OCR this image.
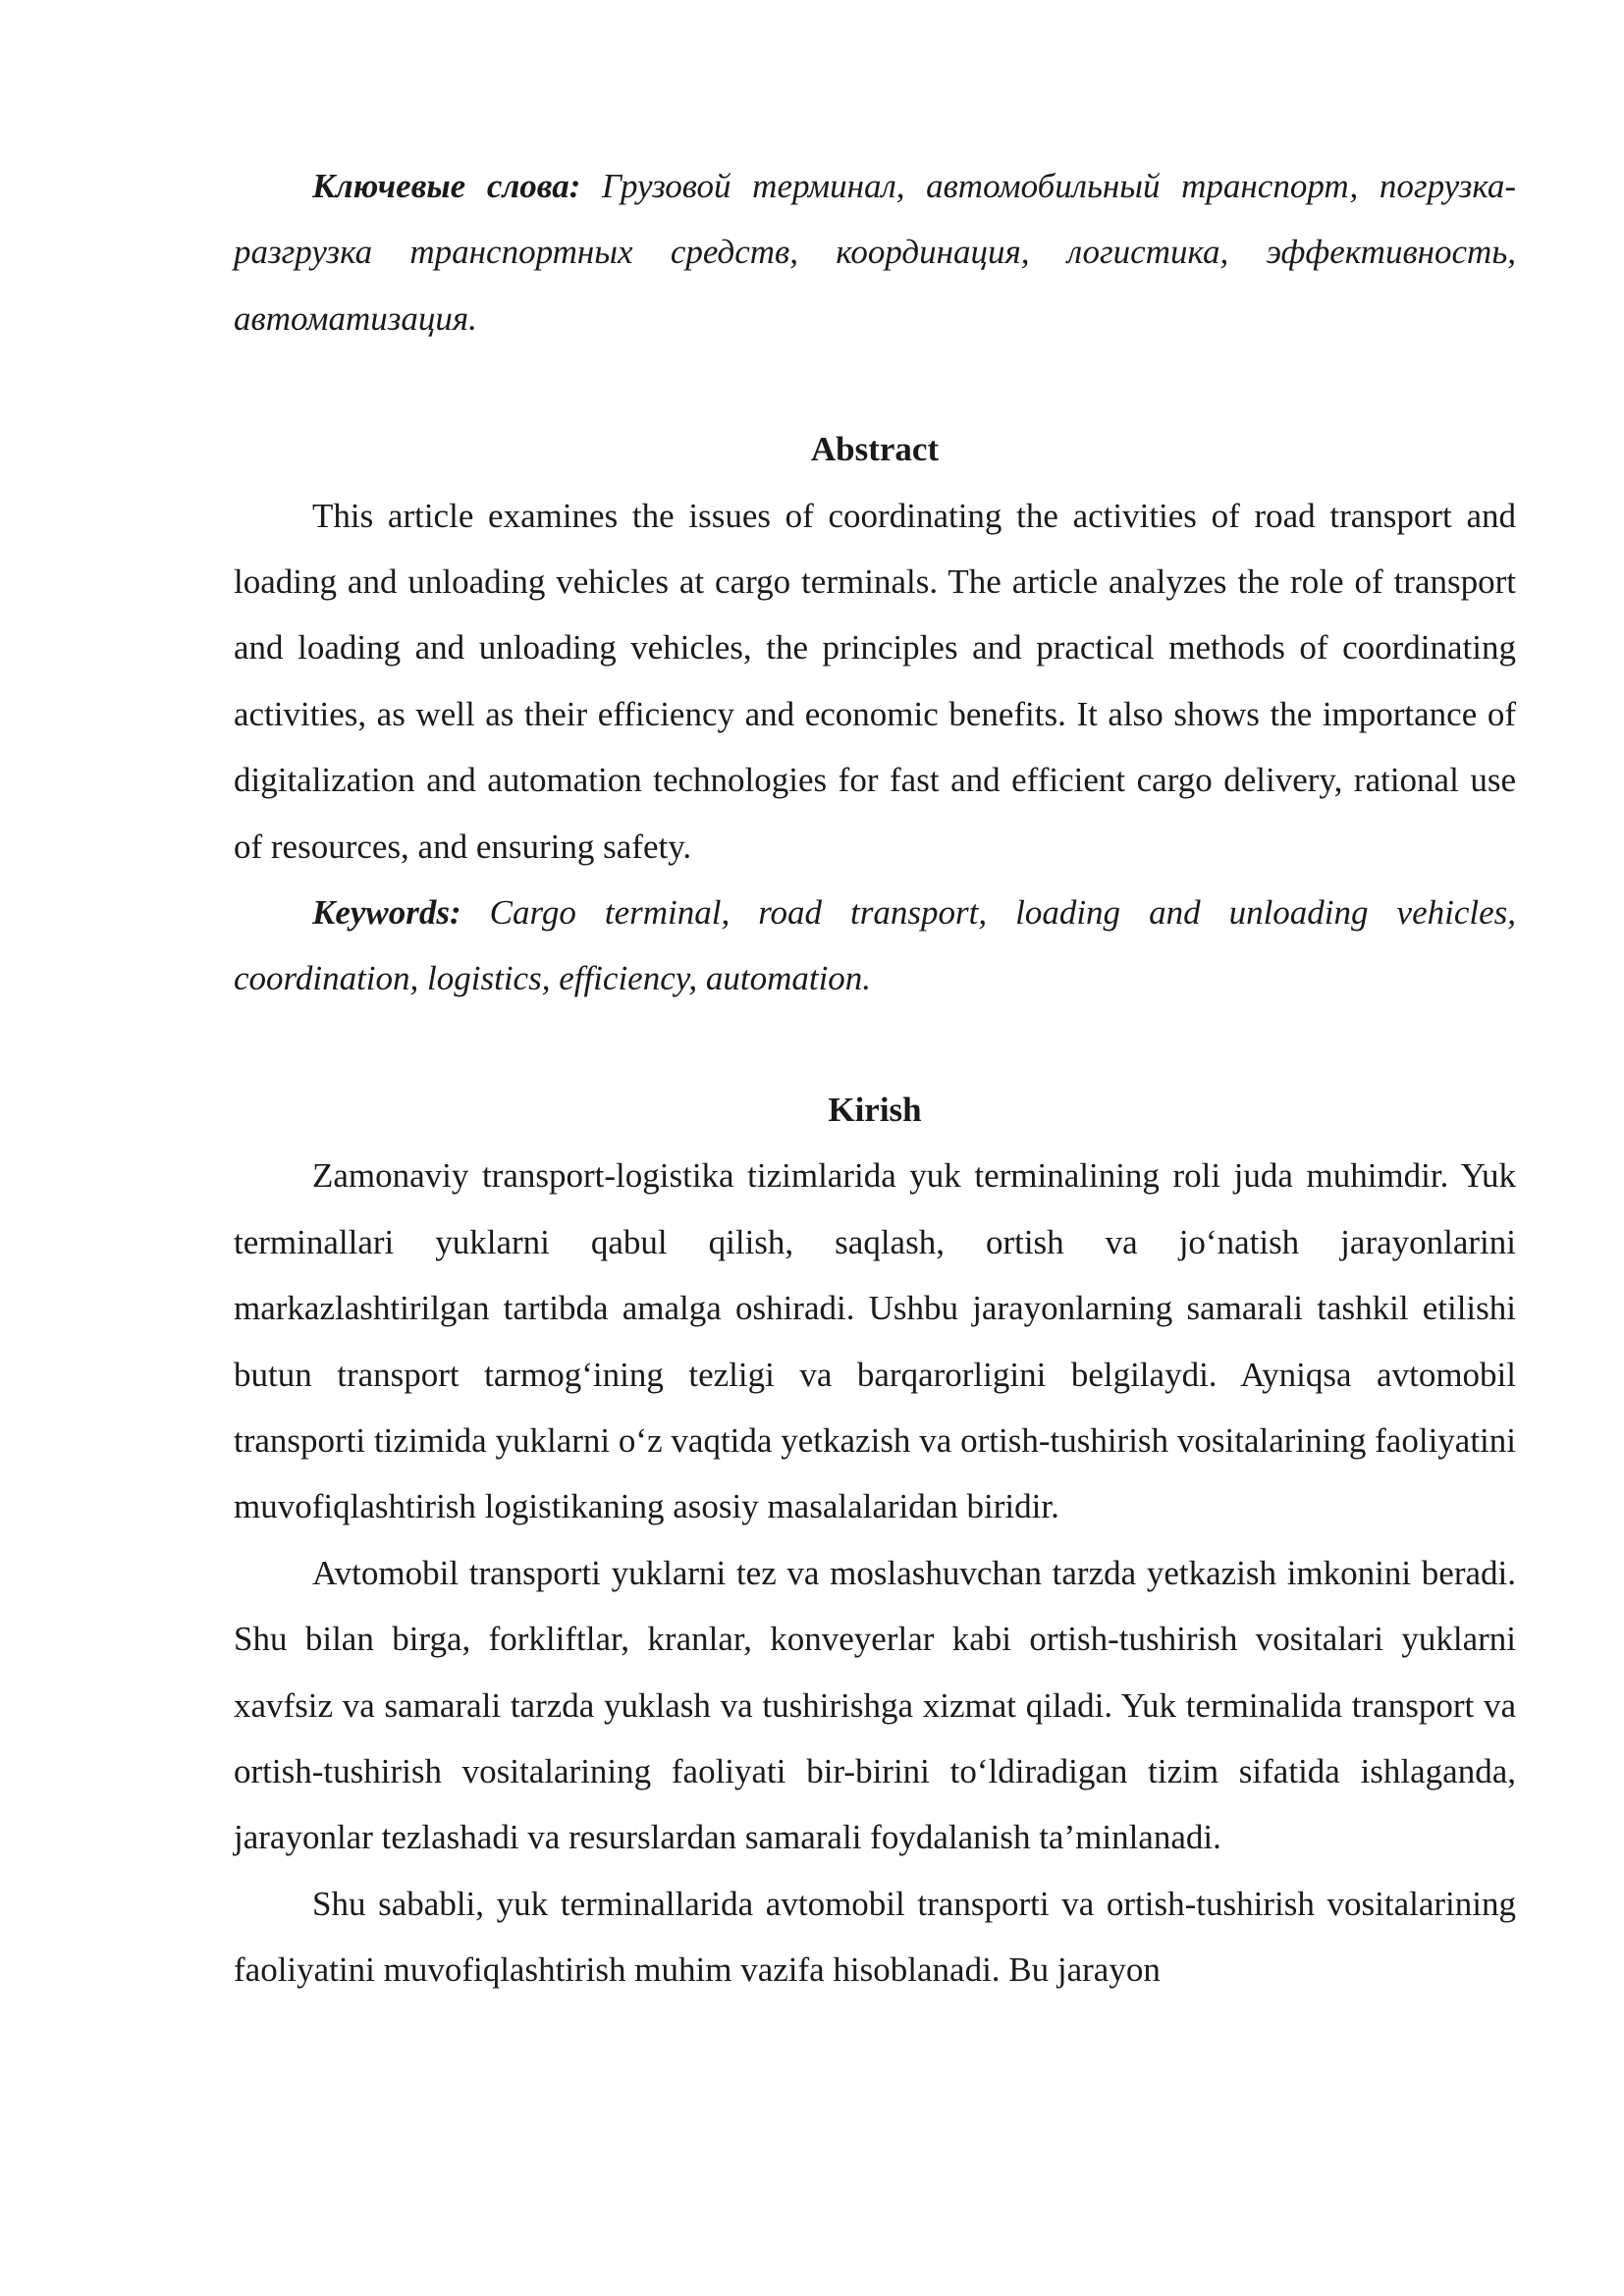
Ключевые слова: Грузовой терминал, автомобильный транспорт, погрузка-разгрузка транспортных средств, координация, логистика, эффективность, автоматизация.

Abstract

This article examines the issues of coordinating the activities of road transport and loading and unloading vehicles at cargo terminals. The article analyzes the role of transport and loading and unloading vehicles, the principles and practical methods of coordinating activities, as well as their efficiency and economic benefits. It also shows the importance of digitalization and automation technologies for fast and efficient cargo delivery, rational use of resources, and ensuring safety.

Keywords: Cargo terminal, road transport, loading and unloading vehicles, coordination, logistics, efficiency, automation.

Kirish

Zamonaviy transport-logistika tizimlarida yuk terminalining roli juda muhimdir. Yuk terminallari yuklarni qabul qilish, saqlash, ortish va jo‘natish jarayonlarini markazlashtirilgan tartibda amalga oshiradi. Ushbu jarayonlarning samarali tashkil etilishi butun transport tarmog‘ining tezligi va barqarorligini belgilaydi. Ayniqsa avtomobil transporti tizimida yuklarni o‘z vaqtida yetkazish va ortish-tushirish vositalarining faoliyatini muvofiqlashtirish logistikaning asosiy masalalaridan biridir.

Avtomobil transporti yuklarni tez va moslashuvchan tarzda yetkazish imkonini beradi. Shu bilan birga, forkliftlar, kranlar, konveyerlar kabi ortish-tushirish vositalari yuklarni xavfsiz va samarali tarzda yuklash va tushirishga xizmat qiladi. Yuk terminalida transport va ortish-tushirish vositalarining faoliyati bir-birini to‘ldiradigan tizim sifatida ishlaganda, jarayonlar tezlashadi va resurslardan samarali foydalanish ta’minlanadi.

Shu sababli, yuk terminallarida avtomobil transporti va ortish-tushirish vositalarining faoliyatini muvofiqlashtirish muhim vazifa hisoblanadi. Bu jarayon
